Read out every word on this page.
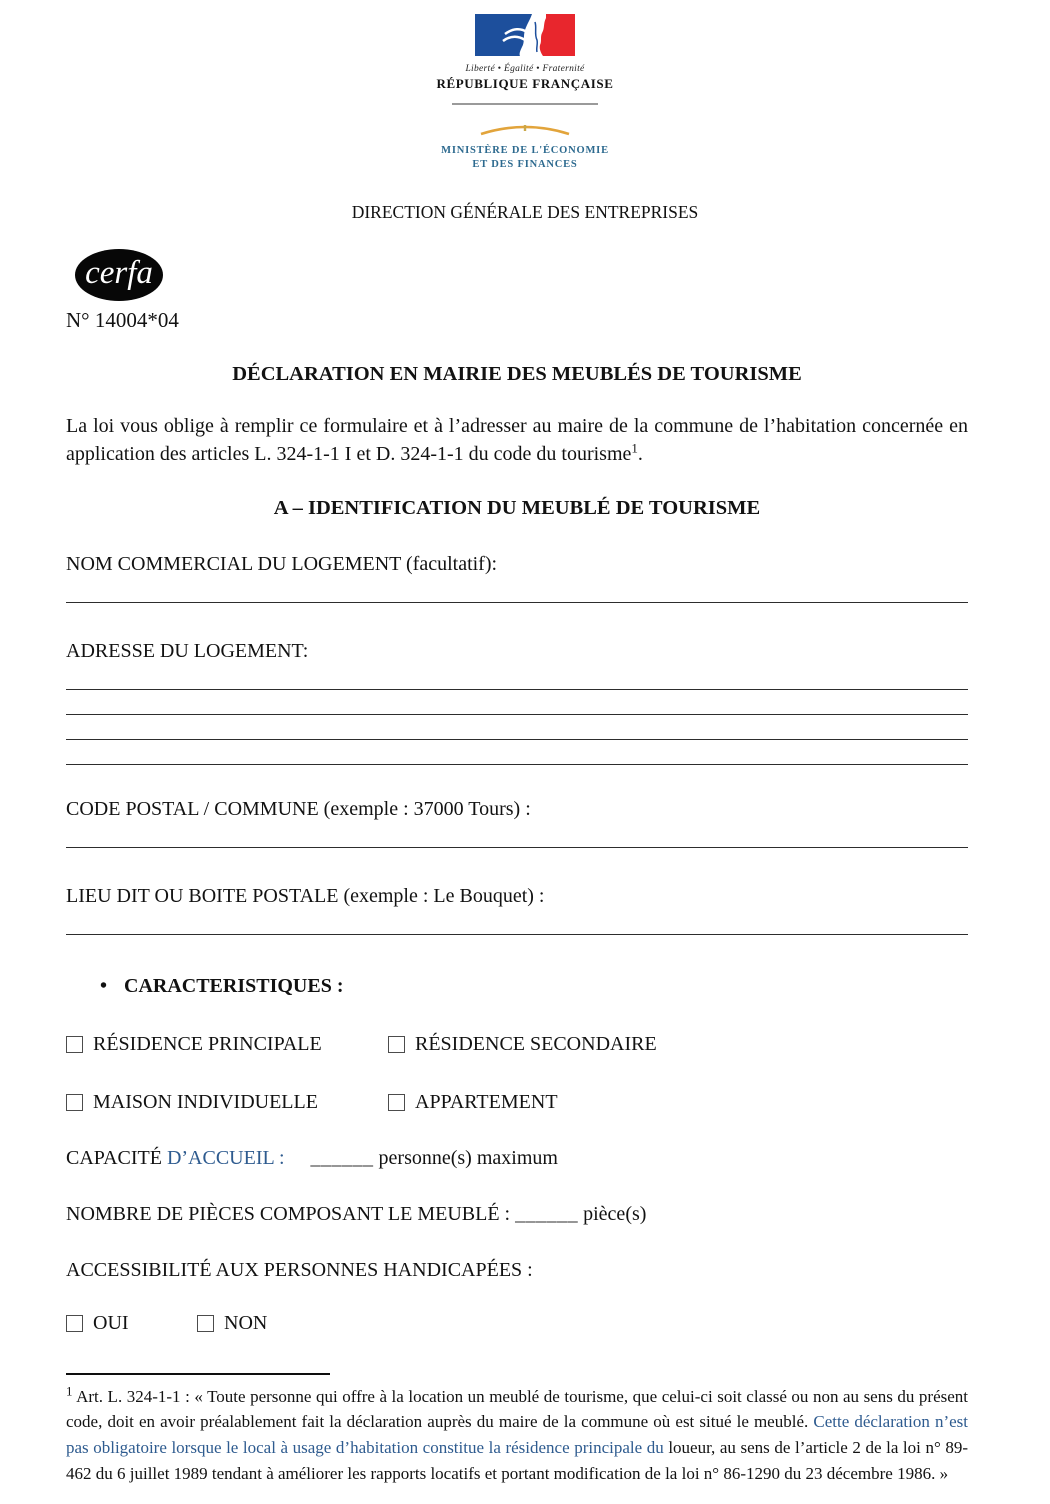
Liberté • Égalité • Fraternité
RÉPUBLIQUE FRANÇAISE
MINISTÈRE DE L'ÉCONOMIE
ET DES FINANCES
DIRECTION GÉNÉRALE DES ENTREPRISES
cerfa
N° 14004*04
DÉCLARATION EN MAIRIE DES MEUBLÉS DE TOURISME

La loi vous oblige à remplir ce formulaire et à l’adresser au maire de la commune de l’habitation concernée en application des articles L. 324-1-1 I et D. 324-1-1 du code du tourisme$^1$.

A – IDENTIFICATION DU MEUBLÉ DE TOURISME
NOM COMMERCIAL DU LOGEMENT (facultatif):
ADRESSE DU LOGEMENT:
CODE POSTAL / COMMUNE (exemple : 37000 Tours) :
LIEU DIT OU BOITE POSTALE (exemple : Le Bouquet) :
• CARACTERISTIQUES :
RÉSIDENCE PRINCIPALE	RÉSIDENCE SECONDAIRE
MAISON INDIVIDUELLE	APPARTEMENT
CAPACITÉ D’ACCUEIL : ______ personne(s) maximum
NOMBRE DE PIÈCES COMPOSANT LE MEUBLÉ : ______ pièce(s)
ACCESSIBILITÉ AUX PERSONNES HANDICAPÉES :
OUI	NON

$^1$ Art. L. 324-1-1 : « Toute personne qui offre à la location un meublé de tourisme, que celui-ci soit classé ou non au sens du présent code, doit en avoir préalablement fait la déclaration auprès du maire de la commune où est situé le meublé. Cette déclaration n’est pas obligatoire lorsque le local à usage d’habitation constitue la résidence principale du loueur, au sens de l’article 2 de la loi n° 89-462 du 6 juillet 1989 tendant à améliorer les rapports locatifs et portant modification de la loi n° 86-1290 du 23 décembre 1986. »
